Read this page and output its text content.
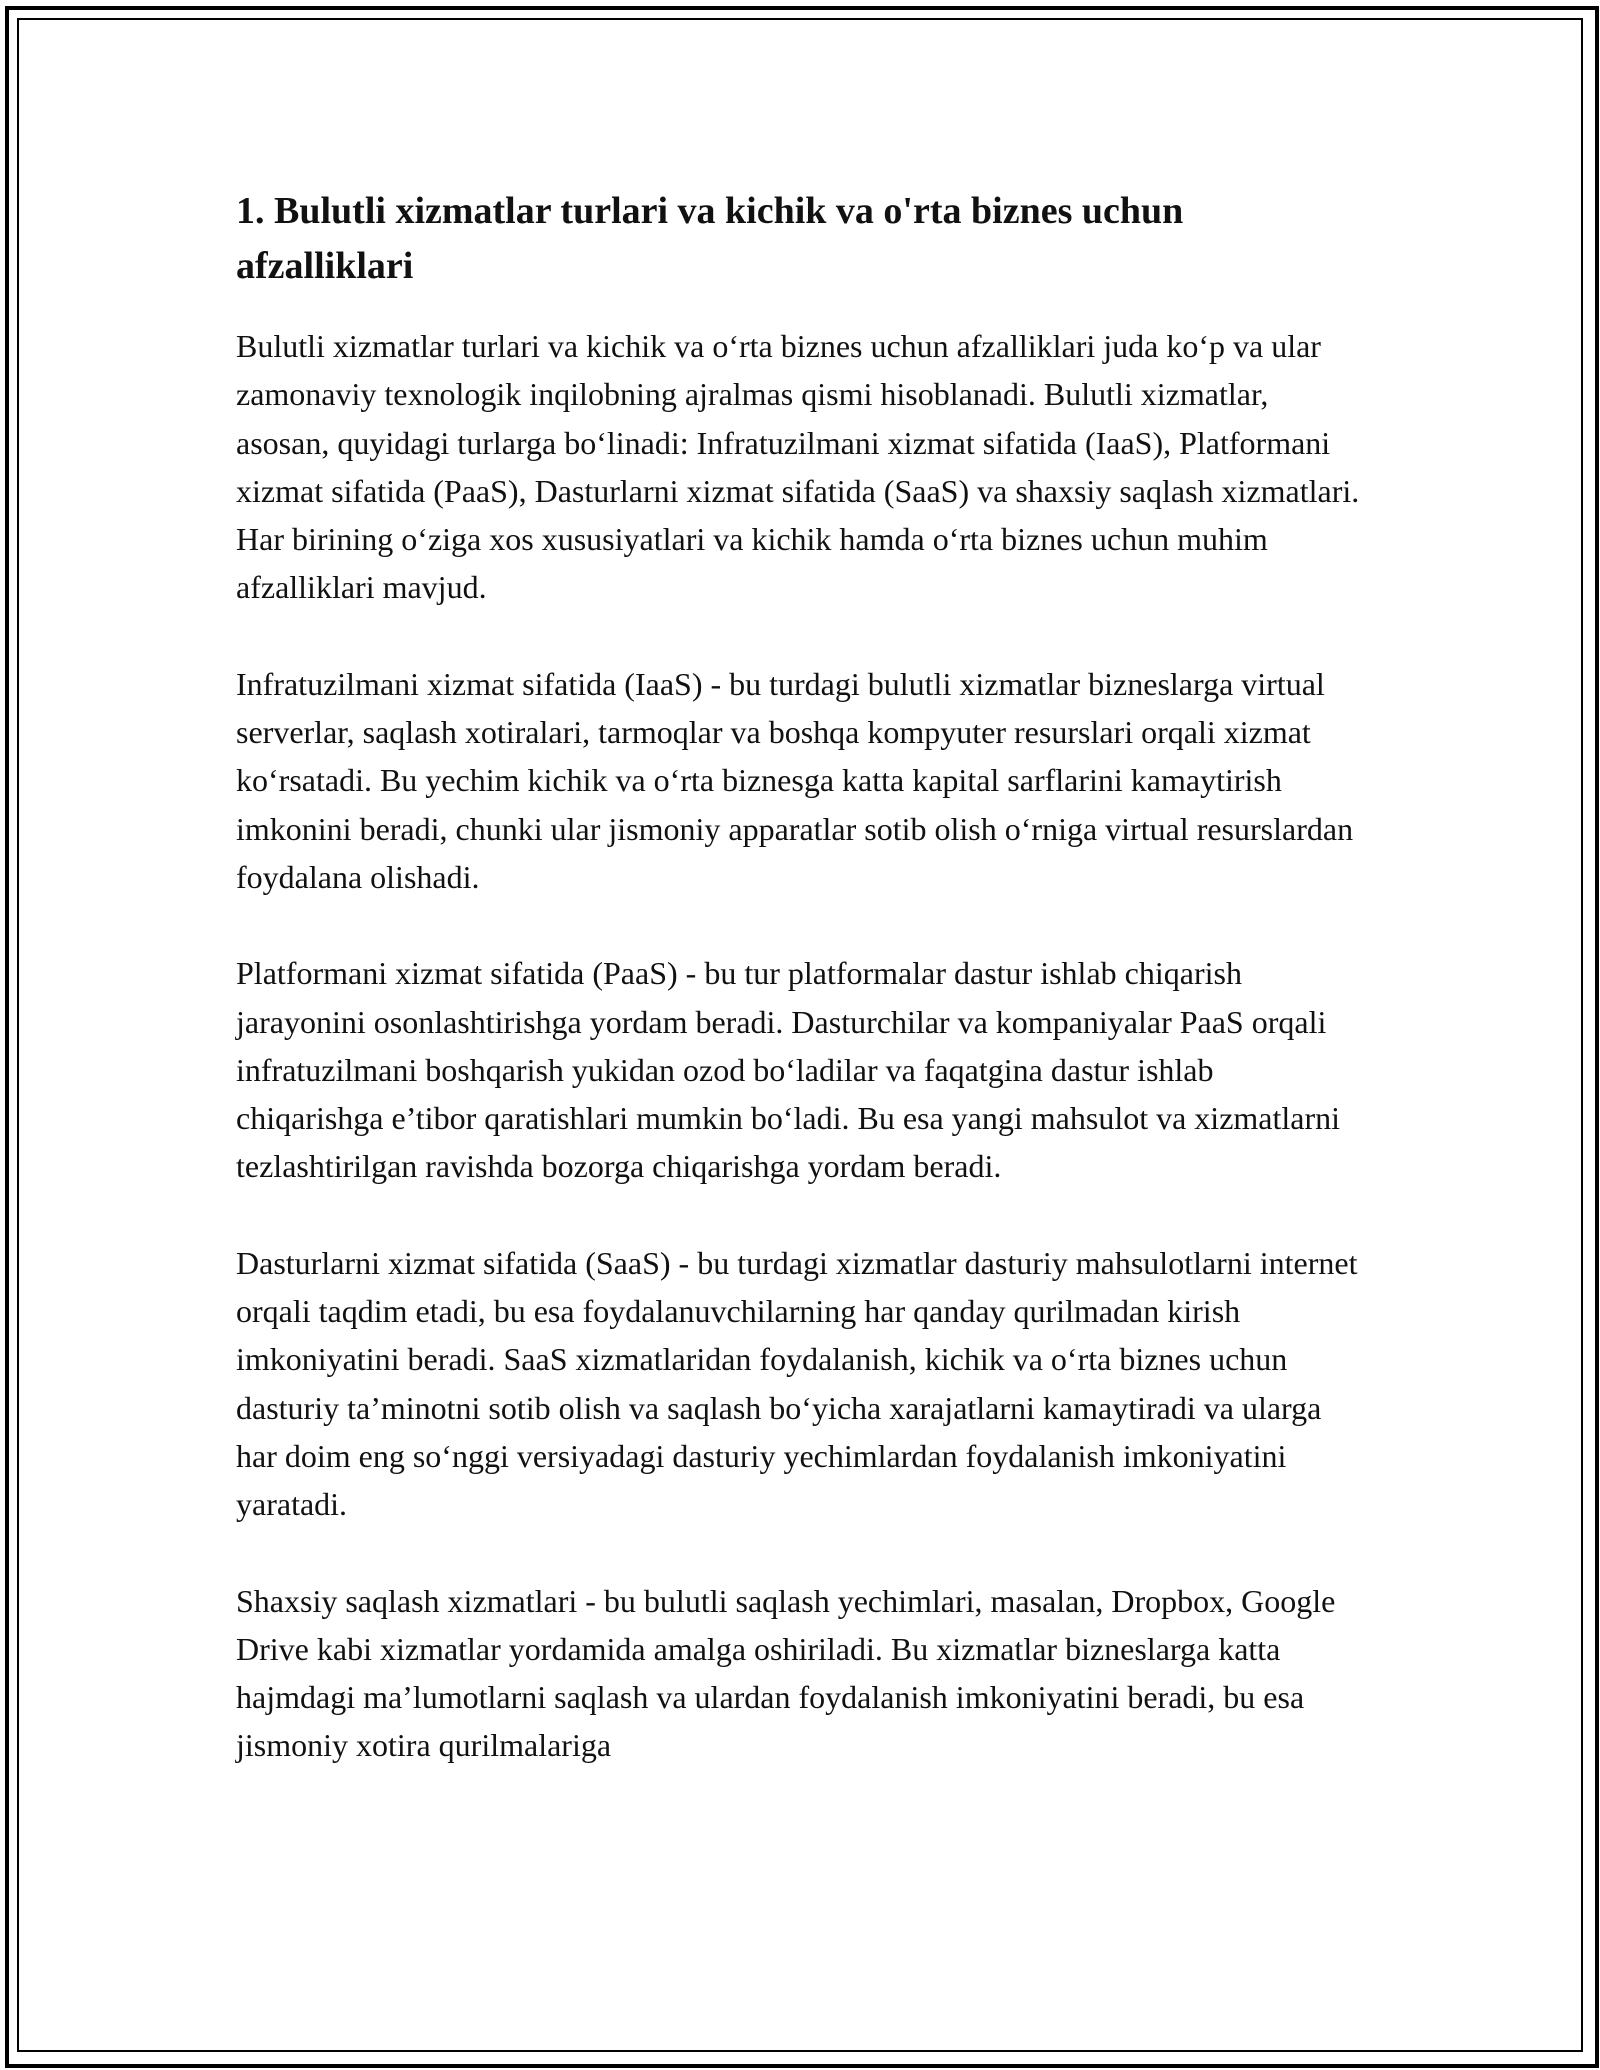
1. Bulutli xizmatlar turlari va kichik va o'rta biznes uchun afzalliklari

Bulutli xizmatlar turlari va kichik va o‘rta biznes uchun afzalliklari juda ko‘p va ular zamonaviy texnologik inqilobning ajralmas qismi hisoblanadi. Bulutli xizmatlar, asosan, quyidagi turlarga bo‘linadi: Infratuzilmani xizmat sifatida (IaaS), Platformani xizmat sifatida (PaaS), Dasturlarni xizmat sifatida (SaaS) va shaxsiy saqlash xizmatlari. Har birining o‘ziga xos xususiyatlari va kichik hamda o‘rta biznes uchun muhim afzalliklari mavjud.

Infratuzilmani xizmat sifatida (IaaS) - bu turdagi bulutli xizmatlar bizneslarga virtual serverlar, saqlash xotiralari, tarmoqlar va boshqa kompyuter resurslari orqali xizmat ko‘rsatadi. Bu yechim kichik va o‘rta biznesga katta kapital sarflarini kamaytirish imkonini beradi, chunki ular jismoniy apparatlar sotib olish o‘rniga virtual resurslardan foydalana olishadi.

Platformani xizmat sifatida (PaaS) - bu tur platformalar dastur ishlab chiqarish jarayonini osonlashtirishga yordam beradi. Dasturchilar va kompaniyalar PaaS orqali infratuzilmani boshqarish yukidan ozod bo‘ladilar va faqatgina dastur ishlab chiqarishga e’tibor qaratishlari mumkin bo‘ladi. Bu esa yangi mahsulot va xizmatlarni tezlashtirilgan ravishda bozorga chiqarishga yordam beradi.

Dasturlarni xizmat sifatida (SaaS) - bu turdagi xizmatlar dasturiy mahsulotlarni internet orqali taqdim etadi, bu esa foydalanuvchilarning har qanday qurilmadan kirish imkoniyatini beradi. SaaS xizmatlaridan foydalanish, kichik va o‘rta biznes uchun dasturiy ta’minotni sotib olish va saqlash bo‘yicha xarajatlarni kamaytiradi va ularga har doim eng so‘nggi versiyadagi dasturiy yechimlardan foydalanish imkoniyatini yaratadi.

Shaxsiy saqlash xizmatlari - bu bulutli saqlash yechimlari, masalan, Dropbox, Google Drive kabi xizmatlar yordamida amalga oshiriladi. Bu xizmatlar bizneslarga katta hajmdagi ma’lumotlarni saqlash va ulardan foydalanish imkoniyatini beradi, bu esa jismoniy xotira qurilmalariga
